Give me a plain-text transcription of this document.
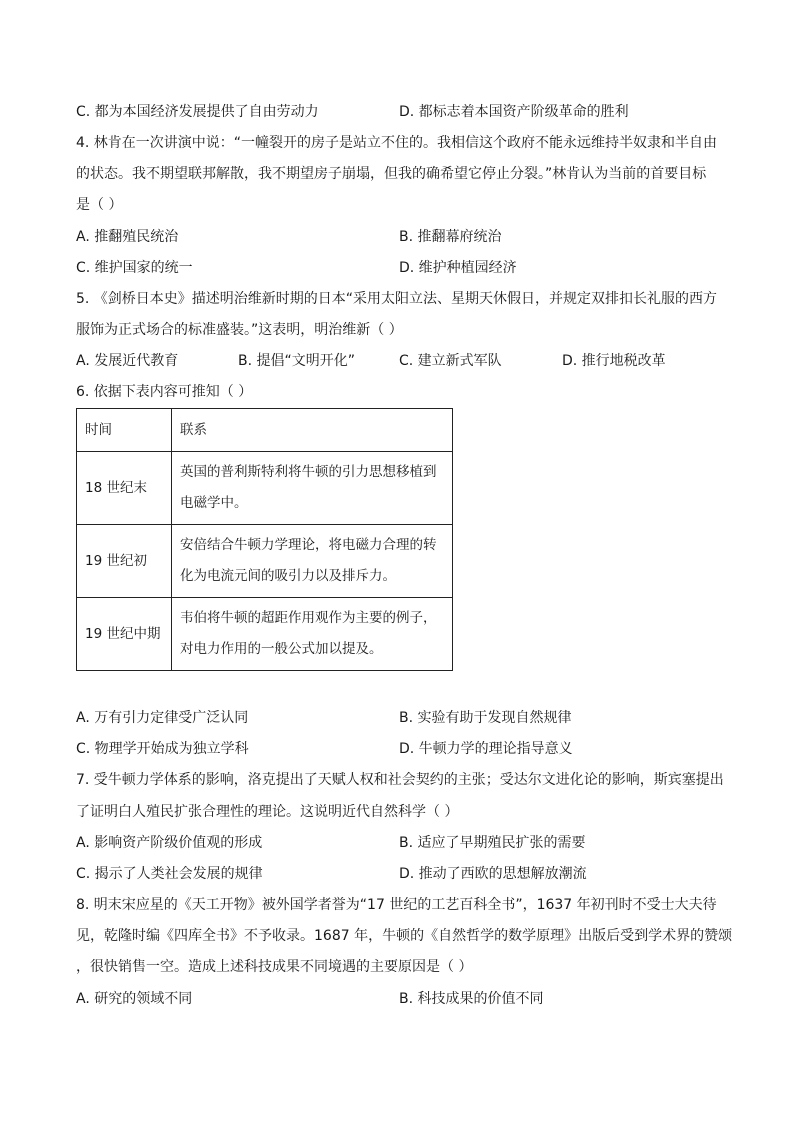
C. 都为本国经济发展提供了自由劳动力	D. 都标志着本国资产阶级革命的胜利
4. 林肯在一次讲演中说：“一幢裂开的房子是站立不住的。我相信这个政府不能永远维持半奴隶和半自由
的状态。我不期望联邦解散，我不期望房子崩塌，但我的确希望它停止分裂。”林肯认为当前的首要目标
是（ ）
A. 推翻殖民统治	B. 推翻幕府统治
C. 维护国家的统一	D. 维护种植园经济
5. 《剑桥日本史》描述明治维新时期的日本“采用太阳立法、星期天休假日，并规定双排扣长礼服的西方
服饰为正式场合的标准盛装。”这表明，明治维新（ ）
A. 发展近代教育	B. 提倡“文明开化”	C. 建立新式军队	D. 推行地税改革
6. 依据下表内容可推知（ ）
时间	联系
18 世纪末	英国的普利斯特利将牛顿的引力思想移植到电磁学中。
19 世纪初	安倍结合牛顿力学理论，将电磁力合理的转化为电流元间的吸引力以及排斥力。
19 世纪中期	韦伯将牛顿的超距作用观作为主要的例子，对电力作用的一般公式加以提及。
A. 万有引力定律受广泛认同	B. 实验有助于发现自然规律
C. 物理学开始成为独立学科	D. 牛顿力学的理论指导意义
7. 受牛顿力学体系的影响，洛克提出了天赋人权和社会契约的主张；受达尔文进化论的影响，斯宾塞提出
了证明白人殖民扩张合理性的理论。这说明近代自然科学（ ）
A. 影响资产阶级价值观的形成	B. 适应了早期殖民扩张的需要
C. 揭示了人类社会发展的规律	D. 推动了西欧的思想解放潮流
8. 明末宋应星的《天工开物》被外国学者誉为“17 世纪的工艺百科全书”，1637 年初刊时不受士大夫待
见，乾隆时编《四库全书》不予收录。1687 年，牛顿的《自然哲学的数学原理》出版后受到学术界的赞颂
，很快销售一空。造成上述科技成果不同境遇的主要原因是（ ）
A. 研究的领域不同	B. 科技成果的价值不同
